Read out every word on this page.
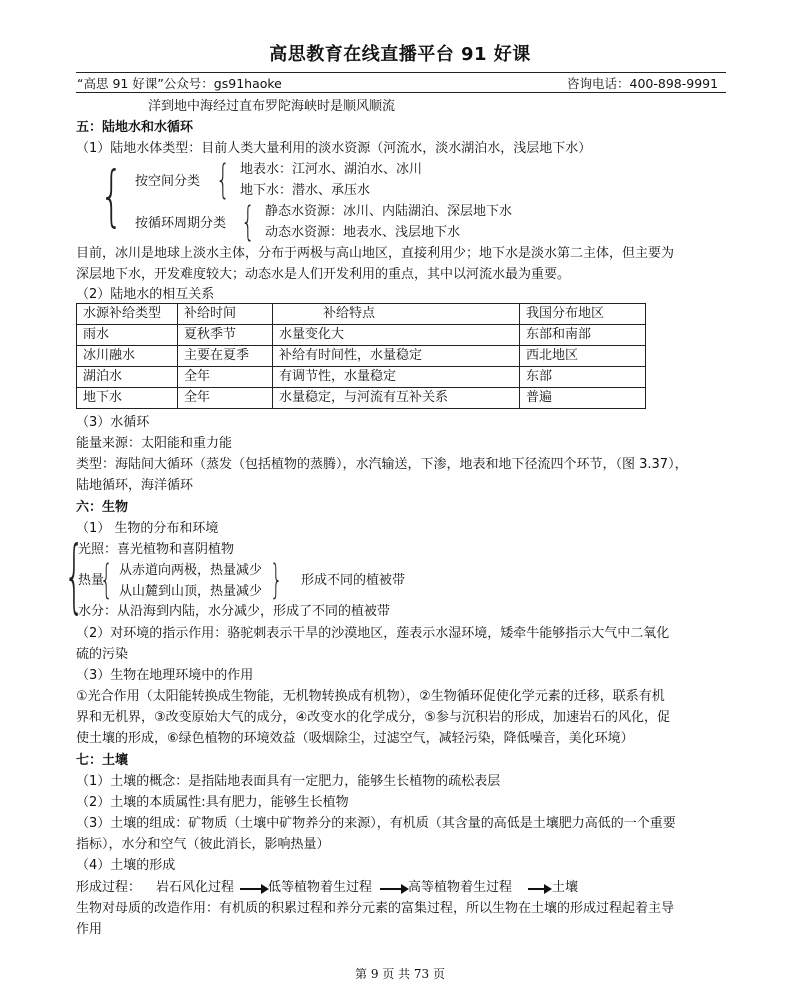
高思教育在线直播平台 91 好课
“高思 91 好课”公众号：gs91haoke	咨询电话：400-898-9991
洋到地中海经过直布罗陀海峡时是顺风顺流
五：陆地水和水循环
（1）陆地水体类型：目前人类大量利用的淡水资源（河流水，淡水湖泊水，浅层地下水）
{ 按空间分类 { 地表水：江河水、湖泊水、冰川
地下水：潜水、承压水
按循环周期分类 { 静态水资源：冰川、内陆湖泊、深层地下水
动态水资源：地表水、浅层地下水
目前，冰川是地球上淡水主体，分布于两极与高山地区，直接利用少；地下水是淡水第二主体，但主要为
深层地下水，开发难度较大；动态水是人们开发利用的重点，其中以河流水最为重要。
（2）陆地水的相互关系
水源补给类型	补给时间	补给特点	我国分布地区
雨水	夏秋季节	水量变化大	东部和南部
冰川融水	主要在夏季	补给有时间性，水量稳定	西北地区
湖泊水	全年	有调节性，水量稳定	东部
地下水	全年	水量稳定，与河流有互补关系	普遍
（3）水循环
能量来源：太阳能和重力能
类型：海陆间大循环（蒸发（包括植物的蒸腾），水汽输送，下渗，地表和地下径流四个环节，（图 3.37），
陆地循环，海洋循环
六：生物
（1） 生物的分布和环境
{
光照：喜光植物和喜阴植物
热量
{ 从赤道向两极，热量减少
从山麓到山顶，热量减少 { 形成不同的植被带
水分：从沿海到内陆，水分减少，形成了不同的植被带
（2）对环境的指示作用：骆驼刺表示干旱的沙漠地区，莲表示水湿环境，矮牵牛能够指示大气中二氧化
硫的污染
（3）生物在地理环境中的作用
①光合作用（太阳能转换成生物能，无机物转换成有机物），②生物循环促使化学元素的迁移，联系有机
界和无机界，③改变原始大气的成分，④改变水的化学成分，⑤参与沉积岩的形成，加速岩石的风化，促
使土壤的形成，⑥绿色植物的环境效益（吸烟除尘，过滤空气，减轻污染，降低噪音，美化环境）
七：土壤
（1）土壤的概念：是指陆地表面具有一定肥力，能够生长植物的疏松表层
（2）土壤的本质属性:具有肥力，能够生长植物
（3）土壤的组成：矿物质（土壤中矿物养分的来源），有机质（其含量的高低是土壤肥力高低的一个重要
指标），水分和空气（彼此消长，影响热量）
（4）土壤的形成
形成过程： 岩石风化过程	低等植物着生过程	高等植物着生过程	土壤
生物对母质的改造作用：有机质的积累过程和养分元素的富集过程，所以生物在土壤的形成过程起着主导
作用
第 9 页 共 73 页
